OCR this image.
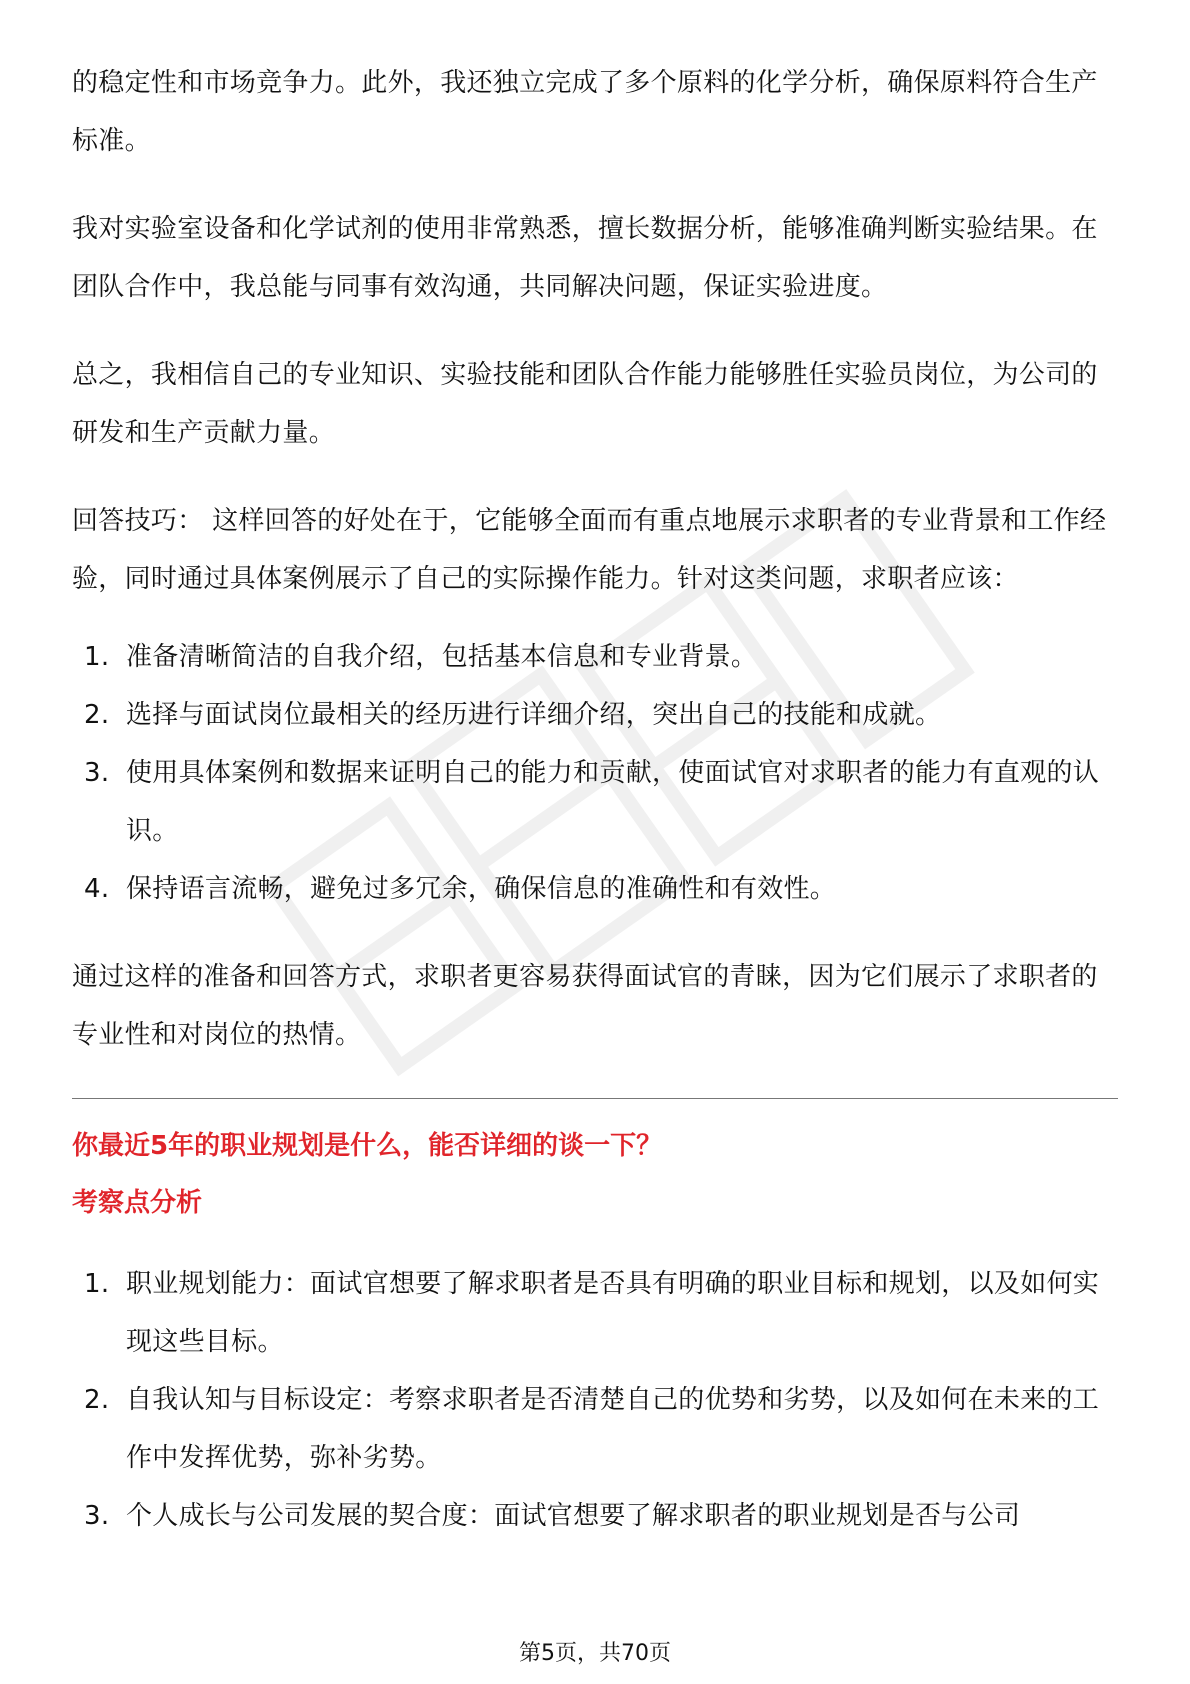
的稳定性和市场竞争力。此外，我还独立完成了多个原料的化学分析，确保原料符合生产标准。

我对实验室设备和化学试剂的使用非常熟悉，擅长数据分析，能够准确判断实验结果。在团队合作中，我总能与同事有效沟通，共同解决问题，保证实验进度。

总之，我相信自己的专业知识、实验技能和团队合作能力能够胜任实验员岗位，为公司的研发和生产贡献力量。

回答技巧： 这样回答的好处在于，它能够全面而有重点地展示求职者的专业背景和工作经验，同时通过具体案例展示了自己的实际操作能力。针对这类问题，求职者应该：

1. 准备清晰简洁的自我介绍，包括基本信息和专业背景。
2. 选择与面试岗位最相关的经历进行详细介绍，突出自己的技能和成就。
3. 使用具体案例和数据来证明自己的能力和贡献，使面试官对求职者的能力有直观的认识。
4. 保持语言流畅，避免过多冗余，确保信息的准确性和有效性。

通过这样的准备和回答方式，求职者更容易获得面试官的青睐，因为它们展示了求职者的专业性和对岗位的热情。

你最近5年的职业规划是什么，能否详细的谈一下？

考察点分析

1. 职业规划能力：面试官想要了解求职者是否具有明确的职业目标和规划，以及如何实现这些目标。
2. 自我认知与目标设定：考察求职者是否清楚自己的优势和劣势，以及如何在未来的工作中发挥优势，弥补劣势。
3. 个人成长与公司发展的契合度：面试官想要了解求职者的职业规划是否与公司
第5页，共70页
